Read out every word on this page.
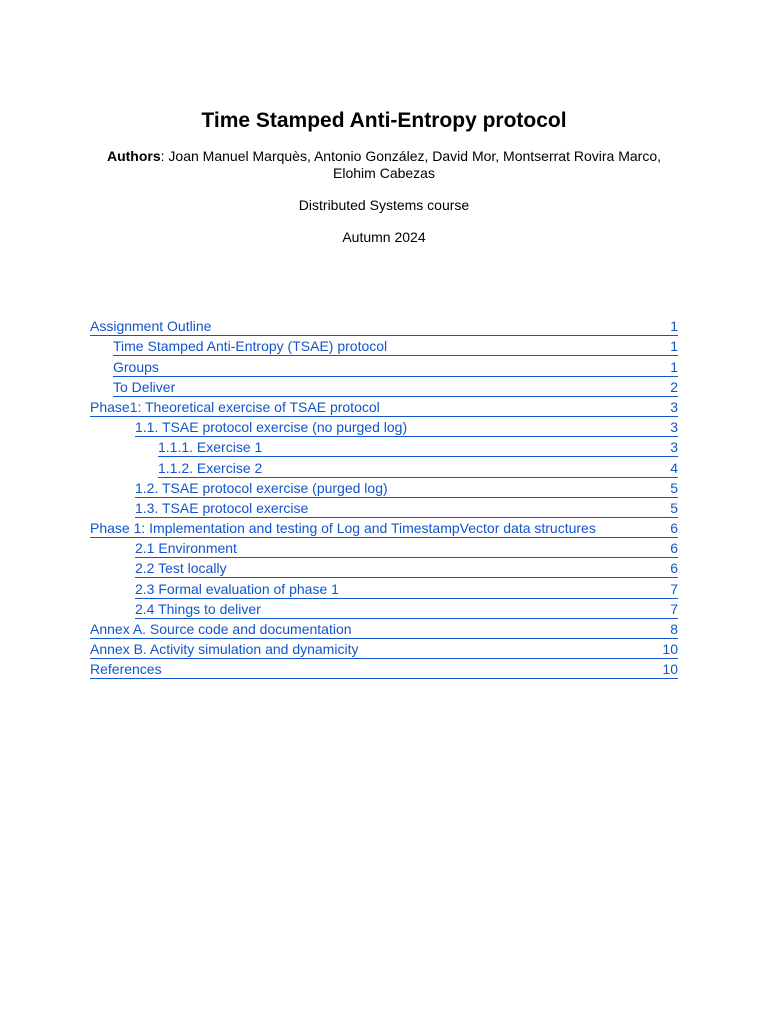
Time Stamped Anti-Entropy protocol
Authors: Joan Manuel Marquès, Antonio González, David Mor, Montserrat Rovira Marco, Elohim Cabezas
Distributed Systems course
Autumn 2024
Assignment Outline	1
Time Stamped Anti-Entropy (TSAE) protocol	1
Groups	1
To Deliver	2
Phase1: Theoretical exercise of TSAE protocol	3
1.1. TSAE protocol exercise (no purged log)	3
1.1.1. Exercise 1	3
1.1.2. Exercise 2	4
1.2. TSAE protocol exercise (purged log)	5
1.3. TSAE protocol exercise	5
Phase 1: Implementation and testing of Log and TimestampVector data structures	6
2.1 Environment	6
2.2 Test locally	6
2.3 Formal evaluation of phase 1	7
2.4 Things to deliver	7
Annex A. Source code and documentation	8
Annex B. Activity simulation and dynamicity	10
References	10
